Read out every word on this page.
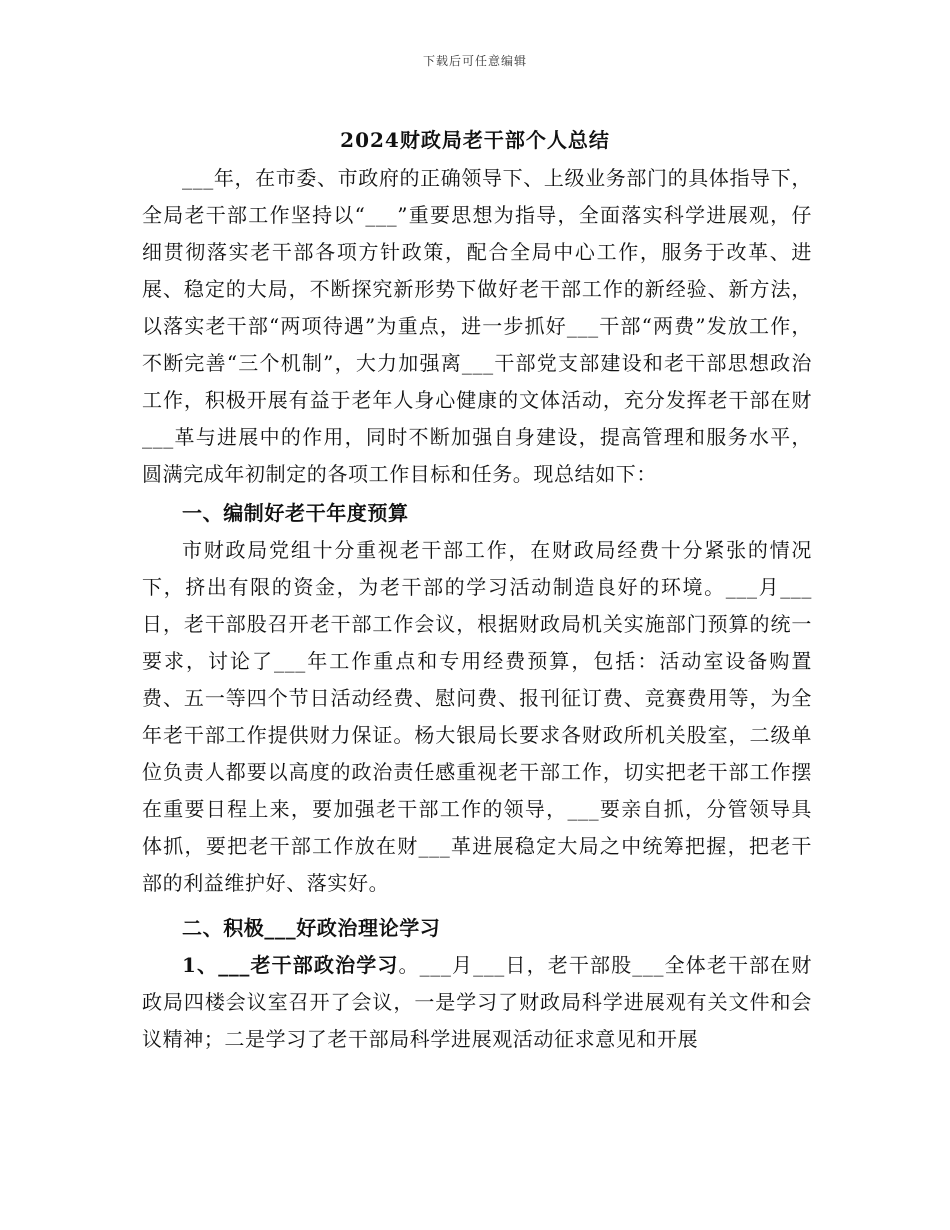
下载后可任意编辑
2024财政局老干部个人总结

___年，在市委、市政府的正确领导下、上级业务部门的具体指导下，全局老干部工作坚持以“___”重要思想为指导，全面落实科学进展观，仔细贯彻落实老干部各项方针政策，配合全局中心工作，服务于改革、进展、稳定的大局，不断探究新形势下做好老干部工作的新经验、新方法，以落实老干部“两项待遇”为重点，进一步抓好___干部“两费”发放工作，不断完善“三个机制”，大力加强离___干部党支部建设和老干部思想政治工作，积极开展有益于老年人身心健康的文体活动，充分发挥老干部在财___革与进展中的作用，同时不断加强自身建设，提高管理和服务水平，圆满完成年初制定的各项工作目标和任务。现总结如下：

一、编制好老干年度预算

市财政局党组十分重视老干部工作，在财政局经费十分紧张的情况下，挤出有限的资金，为老干部的学习活动制造良好的环境。___月___日，老干部股召开老干部工作会议，根据财政局机关实施部门预算的统一要求，讨论了___年工作重点和专用经费预算，包括：活动室设备购置费、五一等四个节日活动经费、慰问费、报刊征订费、竞赛费用等，为全年老干部工作提供财力保证。杨大银局长要求各财政所机关股室，二级单位负责人都要以高度的政治责任感重视老干部工作，切实把老干部工作摆在重要日程上来，要加强老干部工作的领导，___要亲自抓，分管领导具体抓，要把老干部工作放在财___革进展稳定大局之中统筹把握，把老干部的利益维护好、落实好。

二、积极___好政治理论学习

1、___老干部政治学习。___月___日，老干部股___全体老干部在财政局四楼会议室召开了会议，一是学习了财政局科学进展观有关文件和会议精神；二是学习了老干部局科学进展观活动征求意见和开展
